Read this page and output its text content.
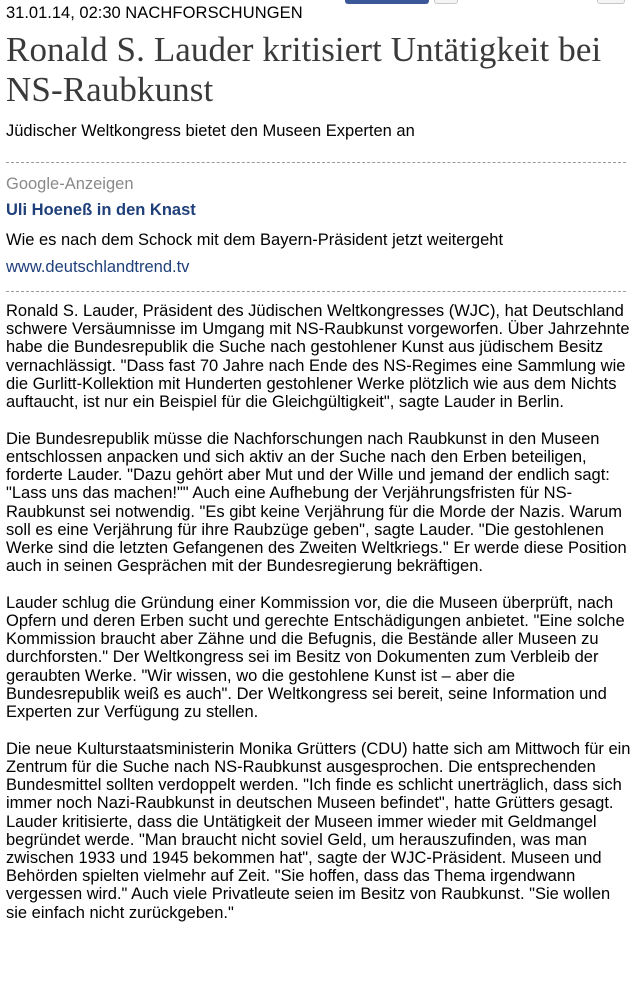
31.01.14, 02:30 NACHFORSCHUNGEN
Ronald S. Lauder kritisiert Untätigkeit bei NS-Raubkunst
Jüdischer Weltkongress bietet den Museen Experten an
Google-Anzeigen
Uli Hoeneß in den Knast
Wie es nach dem Schock mit dem Bayern-Präsident jetzt weitergeht
www.deutschlandtrend.tv

Ronald S. Lauder, Präsident des Jüdischen Weltkongresses (WJC), hat Deutschland schwere Versäumnisse im Umgang mit NS-Raubkunst vorgeworfen. Über Jahrzehnte habe die Bundesrepublik die Suche nach gestohlener Kunst aus jüdischem Besitz vernachlässigt. "Dass fast 70 Jahre nach Ende des NS-Regimes eine Sammlung wie die Gurlitt-Kollektion mit Hunderten gestohlener Werke plötzlich wie aus dem Nichts auftaucht, ist nur ein Beispiel für die Gleichgültigkeit", sagte Lauder in Berlin.

Die Bundesrepublik müsse die Nachforschungen nach Raubkunst in den Museen entschlossen anpacken und sich aktiv an der Suche nach den Erben beteiligen, forderte Lauder. "Dazu gehört aber Mut und der Wille und jemand der endlich sagt: "Lass uns das machen!"" Auch eine Aufhebung der Verjährungsfristen für NS-Raubkunst sei notwendig. "Es gibt keine Verjährung für die Morde der Nazis. Warum soll es eine Verjährung für ihre Raubzüge geben", sagte Lauder. "Die gestohlenen Werke sind die letzten Gefangenen des Zweiten Weltkriegs." Er werde diese Position auch in seinen Gesprächen mit der Bundesregierung bekräftigen.

Lauder schlug die Gründung einer Kommission vor, die die Museen überprüft, nach Opfern und deren Erben sucht und gerechte Entschädigungen anbietet. "Eine solche Kommission braucht aber Zähne und die Befugnis, die Bestände aller Museen zu durchforsten." Der Weltkongress sei im Besitz von Dokumenten zum Verbleib der geraubten Werke. "Wir wissen, wo die gestohlene Kunst ist – aber die Bundesrepublik weiß es auch". Der Weltkongress sei bereit, seine Information und Experten zur Verfügung zu stellen.

Die neue Kulturstaatsministerin Monika Grütters (CDU) hatte sich am Mittwoch für ein Zentrum für die Suche nach NS-Raubkunst ausgesprochen. Die entsprechenden Bundesmittel sollten verdoppelt werden. "Ich finde es schlicht unerträglich, dass sich immer noch Nazi-Raubkunst in deutschen Museen befindet", hatte Grütters gesagt. Lauder kritisierte, dass die Untätigkeit der Museen immer wieder mit Geldmangel begründet werde. "Man braucht nicht soviel Geld, um herauszufinden, was man zwischen 1933 und 1945 bekommen hat", sagte der WJC-Präsident. Museen und Behörden spielten vielmehr auf Zeit. "Sie hoffen, dass das Thema irgendwann vergessen wird." Auch viele Privatleute seien im Besitz von Raubkunst. "Sie wollen sie einfach nicht zurückgeben."
